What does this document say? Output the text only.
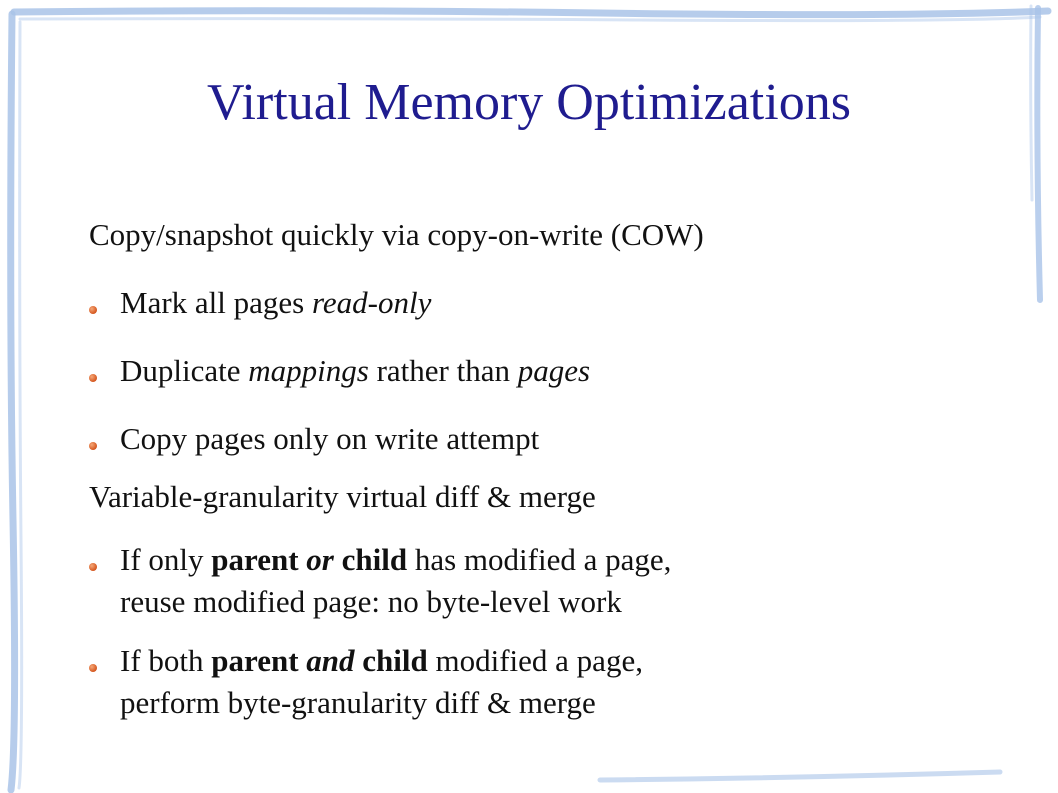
Virtual Memory Optimizations
Copy/snapshot quickly via copy-on-write (COW)
Mark all pages read-only
Duplicate mappings rather than pages
Copy pages only on write attempt
Variable-granularity virtual diff & merge
If only parent or child has modified a page,
reuse modified page: no byte-level work
If both parent and child modified a page,
perform byte-granularity diff & merge
